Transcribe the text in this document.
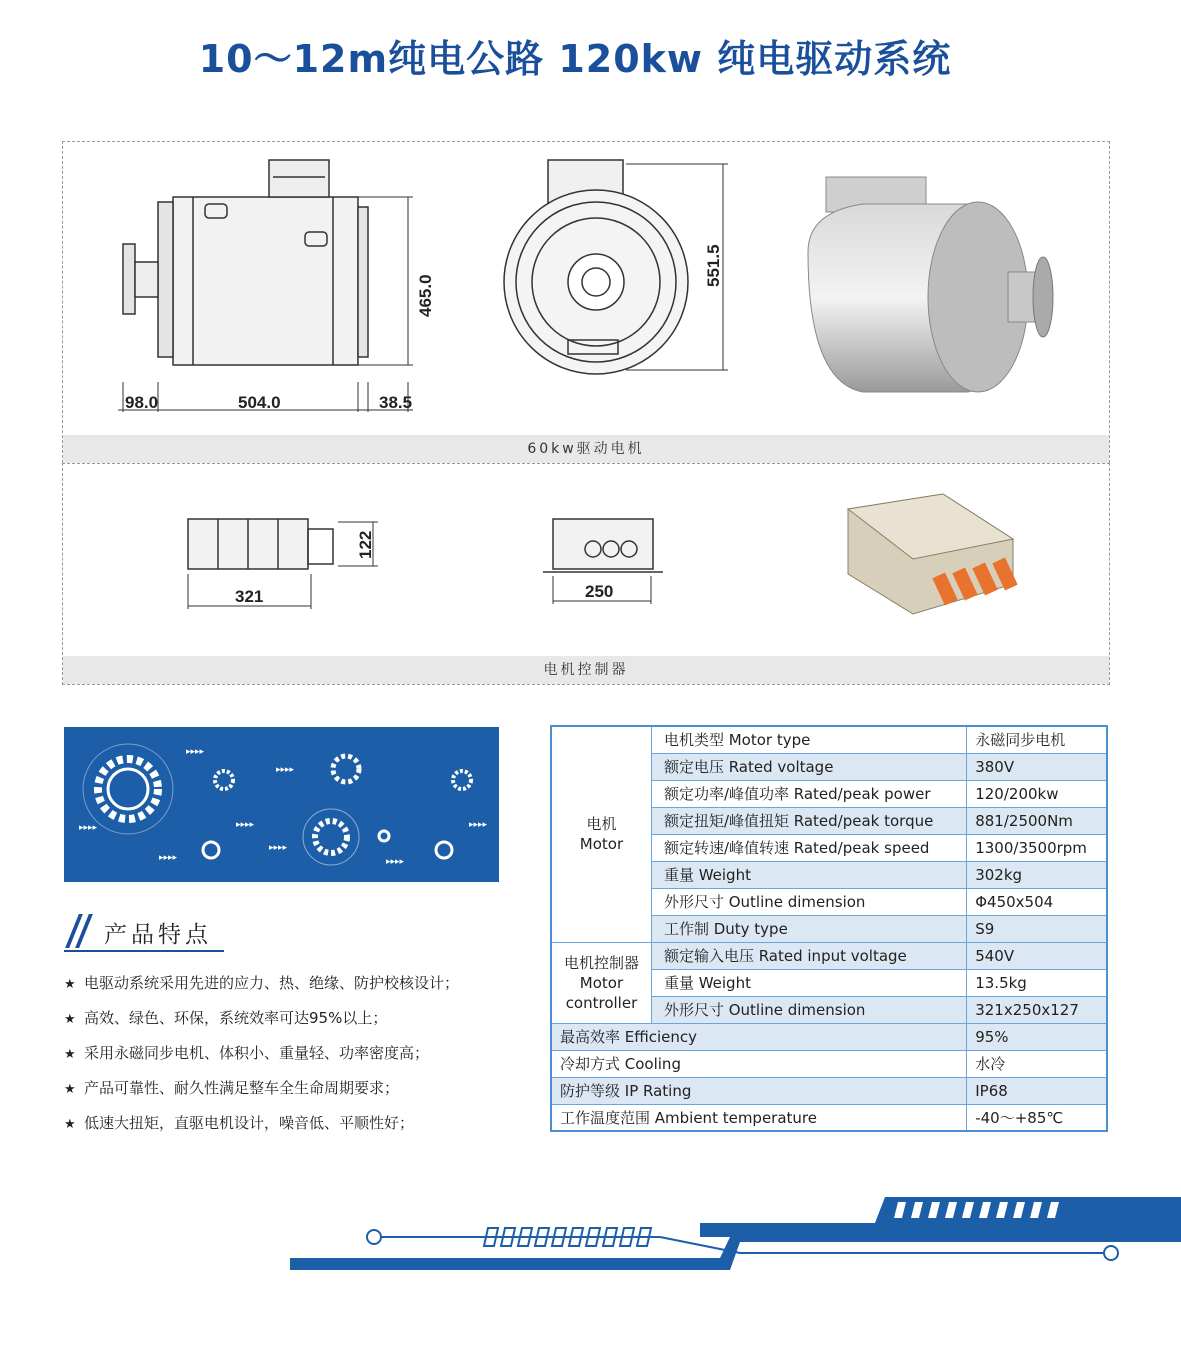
10～12m纯电公路 120kw 纯电驱动系统
98.0	504.0	38.5
465.0
551.5
60kw驱动电机
321
122
250
电机控制器
▸▸▸▸
▸▸▸▸
▸▸▸▸	▸▸▸▸	▸▸▸▸
▸▸▸▸
▸▸▸▸
▸▸▸▸
产品特点
★ 电驱动系统采用先进的应力、热、绝缘、防护校核设计；
★ 高效、绿色、环保，系统效率可达95%以上；
★ 采用永磁同步电机、体积小、重量轻、功率密度高；
★ 产品可靠性、耐久性满足整车全生命周期要求；
★ 低速大扭矩，直驱电机设计，噪音低、平顺性好；
电机
Motor	电机类型 Motor type	永磁同步电机
	额定电压 Rated voltage	380V
	额定功率/峰值功率 Rated/peak power	120/200kw
	额定扭矩/峰值扭矩 Rated/peak torque	881/2500Nm
	额定转速/峰值转速 Rated/peak speed	1300/3500rpm
	重量 Weight	302kg
	外形尺寸 Outline dimension	Φ450x504
	工作制 Duty type	S9
电机控制器
Motor
controller	额定输入电压 Rated input voltage	540V
	重量 Weight	13.5kg
	外形尺寸 Outline dimension	321x250x127
最高效率 Efficiency		95%
冷却方式 Cooling		水冷
防护等级 IP Rating		IP68
工作温度范围 Ambient temperature		-40～+85℃
